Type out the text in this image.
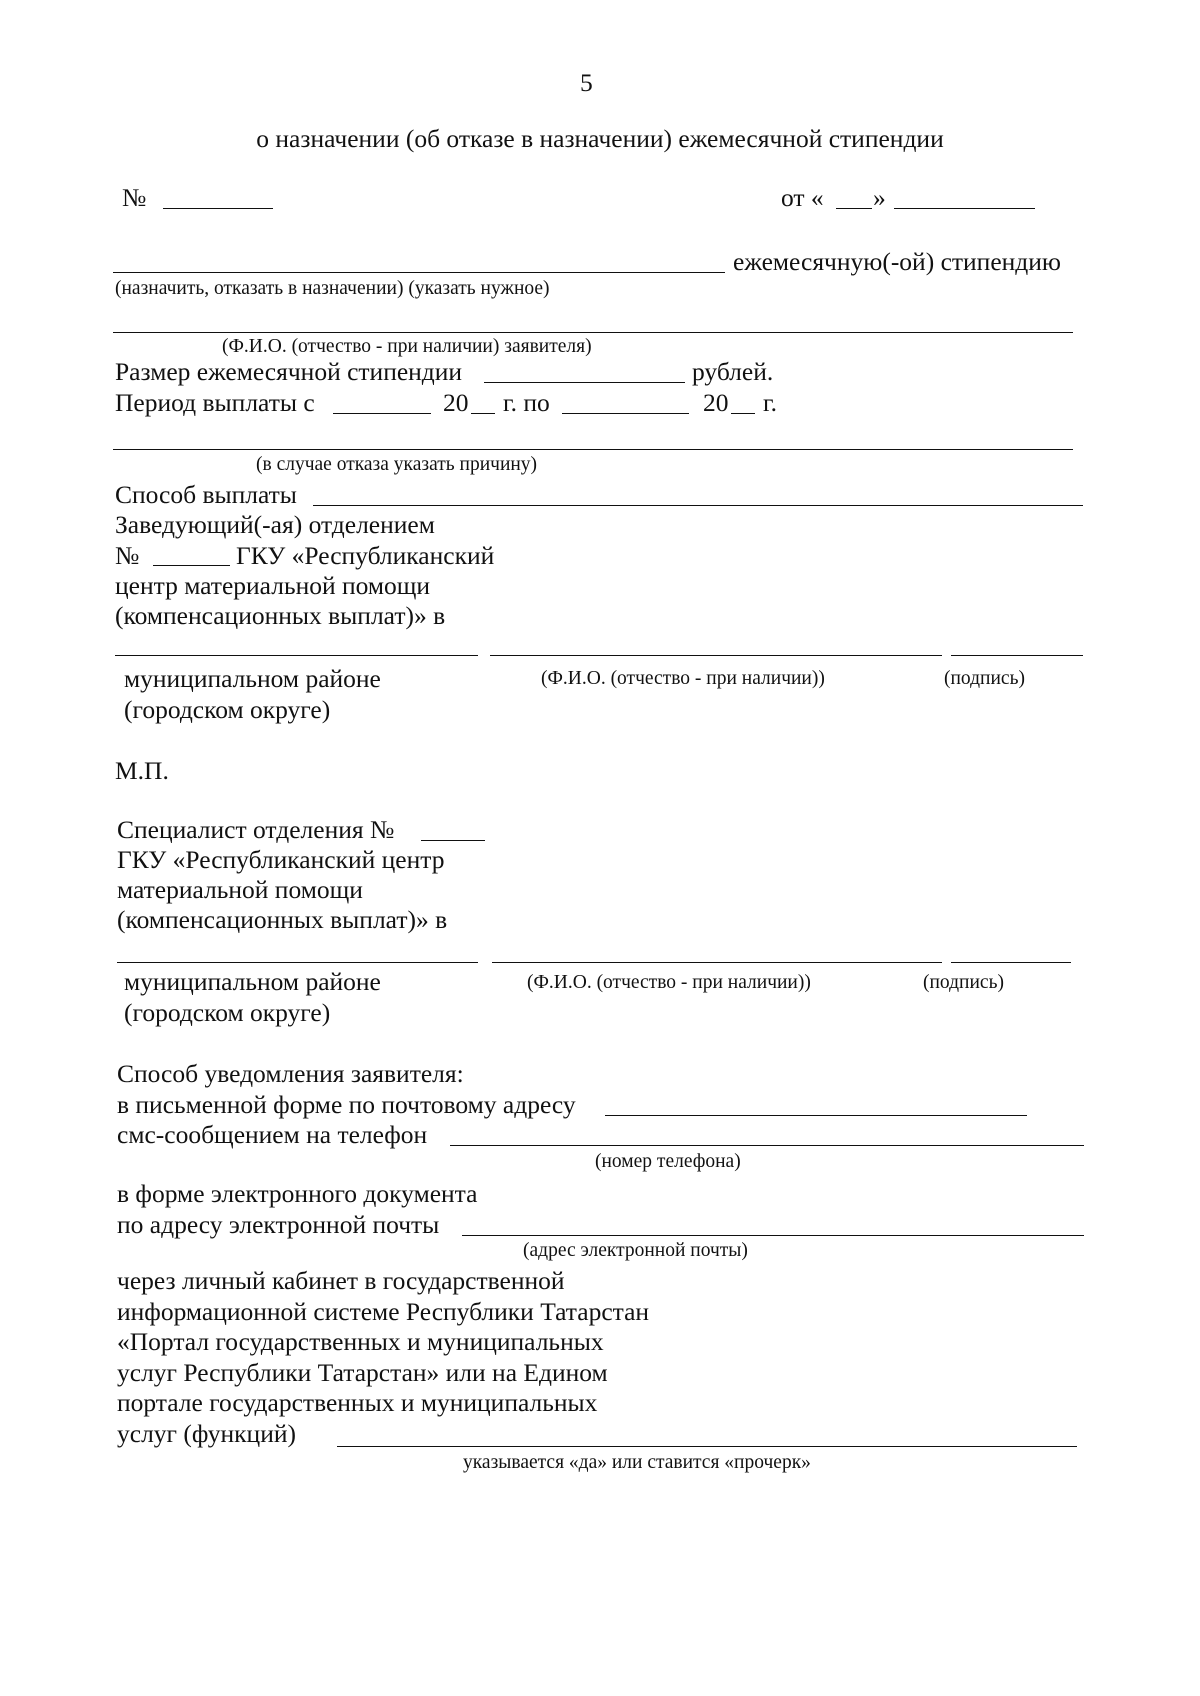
5
о назначении (об отказе в назначении) ежемесячной стипендии
№	от « »
ежемесячную(-ой) стипендию
(назначить, отказать в назначении) (указать нужное)
(Ф.И.О. (отчество - при наличии) заявителя)
Размер ежемесячной стипендии	рублей.
Период выплаты с	20 г. по	20 г.
(в случае отказа указать причину)
Способ выплаты
Заведующий(-ая) отделением
№	ГКУ «Республиканский
центр материальной помощи
(компенсационных выплат)» в
муниципальном районе
(городском округе)
(Ф.И.О. (отчество - при наличии))	(подпись)
М.П.
Специалист отделения №
ГКУ «Республиканский центр
материальной помощи
(компенсационных выплат)» в
муниципальном районе
(городском округе)
(Ф.И.О. (отчество - при наличии))	(подпись)
Способ уведомления заявителя:
в письменной форме по почтовому адресу
смс-сообщением на телефон
(номер телефона)
в форме электронного документа
по адресу электронной почты
(адрес электронной почты)
через личный кабинет в государственной
информационной системе Республики Татарстан
«Портал государственных и муниципальных
услуг Республики Татарстан» или на Едином
портале государственных и муниципальных
услуг (функций)
указывается «да» или ставится «прочерк»
